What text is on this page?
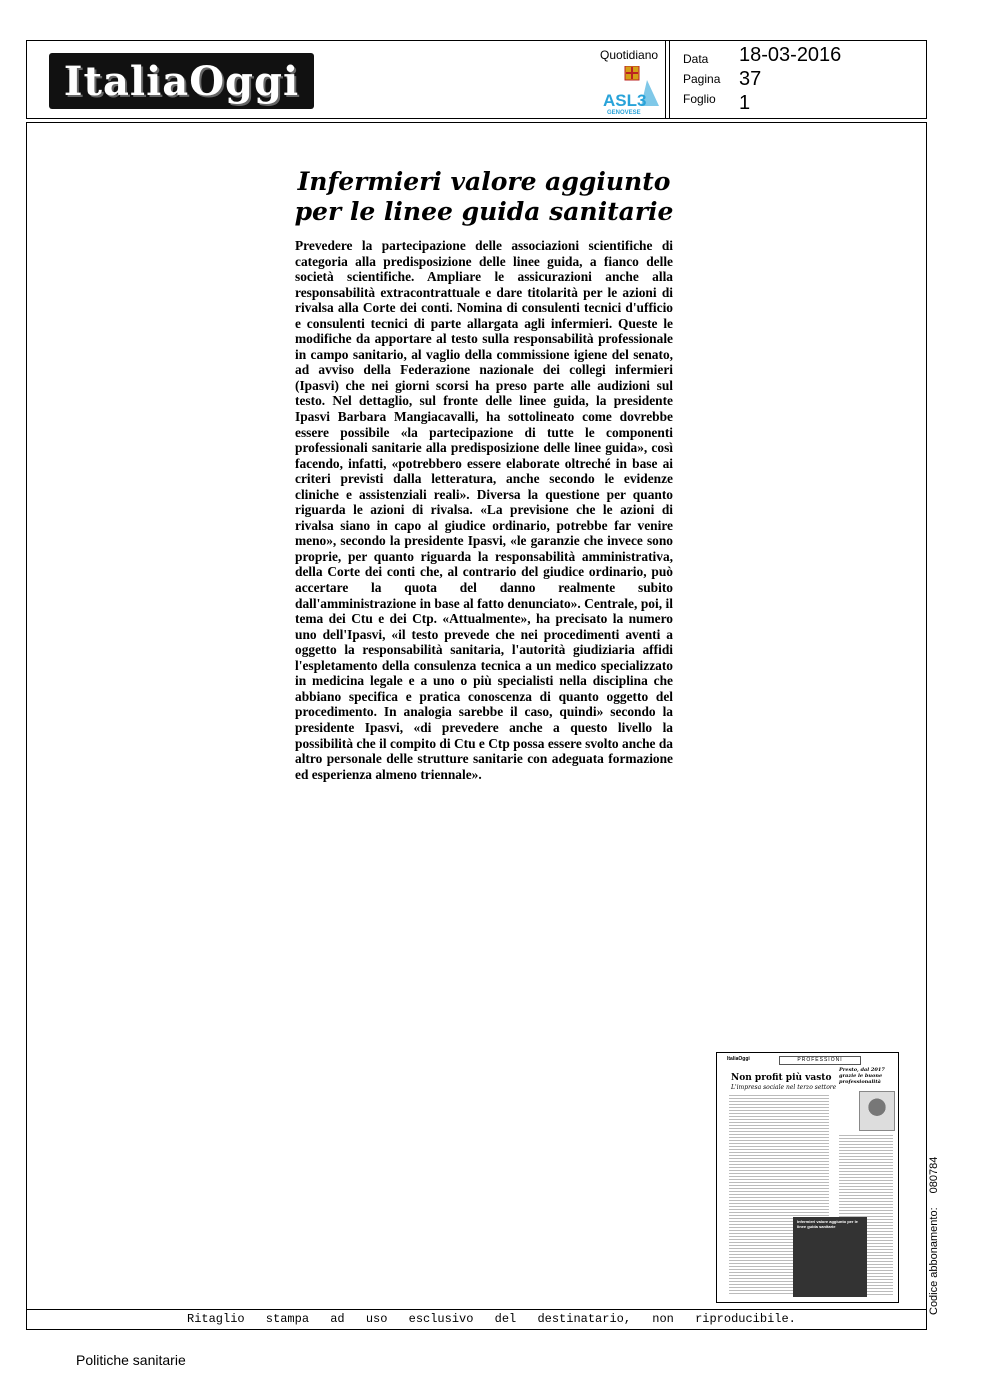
ItaliaOggi
Quotidiano
ASL3
GENOVESE
Data
Pagina
Foglio
18-03-2016
37
1
Infermieri valore aggiunto
per le linee guida sanitarie
Prevedere la partecipazione delle associazioni scientifiche di categoria alla predisposizione delle linee guida, a fianco delle società scientifiche. Ampliare le assicurazioni anche alla responsabilità extracontrattuale e dare titolarità per le azioni di rivalsa alla Corte dei conti. Nomina di consulenti tecnici d'ufficio e consulenti tecnici di parte allargata agli infermieri. Queste le modifiche da apportare al testo sulla responsabilità professionale in campo sanitario, al vaglio della commissione igiene del senato, ad avviso della Federazione nazionale dei collegi infermieri (Ipasvi) che nei giorni scorsi ha preso parte alle audizioni sul testo. Nel dettaglio, sul fronte delle linee guida, la presidente Ipasvi Barbara Mangiacavalli, ha sottolineato come dovrebbe essere possibile «la partecipazione di tutte le componenti professionali sanitarie alla predisposizione delle linee guida», così facendo, infatti, «potrebbero essere elaborate oltreché in base ai criteri previsti dalla letteratura, anche secondo le evidenze cliniche e assistenziali reali». Diversa la questione per quanto riguarda le azioni di rivalsa. «La previsione che le azioni di rivalsa siano in capo al giudice ordinario, potrebbe far venire meno», secondo la presidente Ipasvi, «le garanzie che invece sono proprie, per quanto riguarda la responsabilità amministrativa, della Corte dei conti che, al contrario del giudice ordinario, può accertare la quota del danno realmente subito dall'amministrazione in base al fatto denunciato». Centrale, poi, il tema dei Ctu e dei Ctp. «Attualmente», ha precisato la numero uno dell'Ipasvi, «il testo prevede che nei procedimenti aventi a oggetto la responsabilità sanitaria, l'autorità giudiziaria affidi l'espletamento della consulenza tecnica a un medico specializzato in medicina legale e a uno o più specialisti nella disciplina che abbiano specifica e pratica conoscenza di quanto oggetto del procedimento. In analogia sarebbe il caso, quindi» secondo la presidente Ipasvi, «di prevedere anche a questo livello la possibilità che il compito di Ctu e Ctp possa essere svolto anche da altro personale delle strutture sanitarie con adeguata formazione ed esperienza almeno triennale».
ItaliaOggi	PROFESSIONI
Non profit più vasto
L'impresa sociale nel terzo settore
Presto, dal 2017 grazie le buone professionalità
Infermieri valore aggiunto per le linee guida sanitarie
Ritaglio stampa ad uso esclusivo del destinatario, non riproducibile.
Codice abbonamento:080784
Politiche sanitarie
